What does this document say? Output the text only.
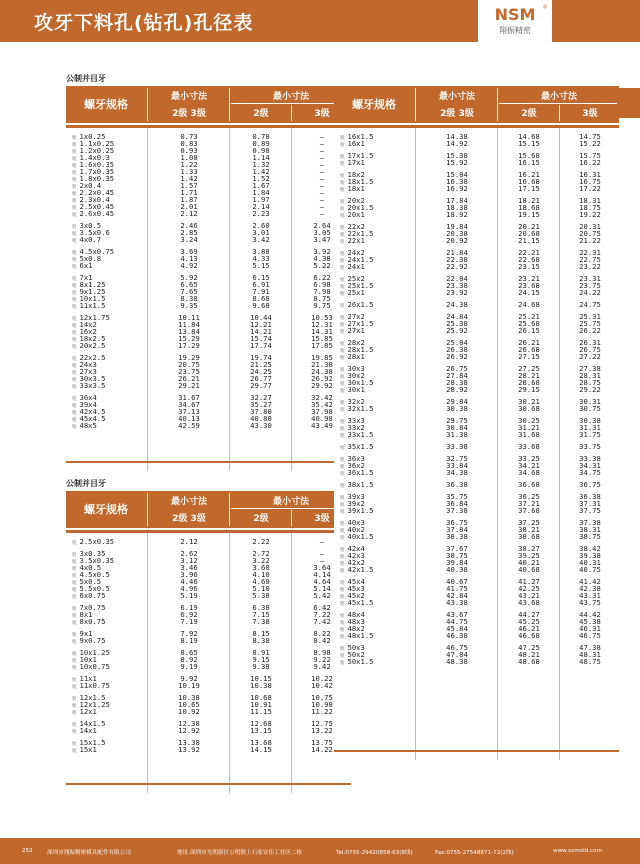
攻牙下料孔(钻孔)孔径表	NSM	®
翔振精密
公制并目牙
公制并目牙
螺牙规格
最小寸法
2级 3级
最小寸法
2级	3级
粗 1x0.25	0.73	0.78	–
粗 1.1x0.25	0.83	0.89	–
粗 1.2x0.25	0.93	0.98	–
粗 1.4x0.3	1.08	1.14	–
粗 1.6x0.35	1.22	1.32	–
粗 1.7x0.35	1.33	1.42	–
粗 1.8x0.35	1.42	1.52	–
粗 2x0.4	1.57	1.67	–
粗 2.2x0.45	1.71	1.84	–
粗 2.3x0.4	1.87	1.97	–
粗 2.5x0.45	2.01	2.14	–
粗 2.6x0.45	2.12	2.23	–
粗 3x0.5	2.46	2.60	2.64
粗 3.5x0.6	2.85	3.01	3.05
粗 4x0.7	3.24	3.42	3.47
粗 4.5x0.75	3.69	3.88	3.92
粗 5x0.8	4.13	4.33	4.38
粗 6x1	4.92	5.15	5.22
粗 7x1	5.92	6.15	6.22
粗 8x1.25	6.65	6.91	6.98
粗 9x1.25	7.65	7.91	7.98
粗 10x1.5	8.38	8.68	8.75
粗 11x1.5	9.35	9.68	9.75
粗 12x1.75	10.11	10.44	10.53
粗 14x2	11.84	12.21	12.31
粗 16x2	13.84	14.21	14.31
粗 18x2.5	15.29	15.74	15.85
粗 20x2.5	17.29	17.74	17.85
粗 22x2.5	19.29	19.74	19.85
粗 24x3	20.75	21.25	21.38
粗 27x3	23.75	24.25	24.38
粗 30x3.5	26.21	26.77	26.92
粗 33x3.5	29.21	29.77	29.92
粗 36x4	31.67	32.27	32.42
粗 39x4	34.67	35.27	35.42
粗 42x4.5	37.13	37.80	37.98
粗 45x4.5	40.13	40.80	40.98
粗 48x5	42.59	43.30	43.49
螺牙规格
最小寸法
2级 3级
最小寸法
2级	3级
粗 2.5x0.35	2.12	2.22	–
粗 3x0.35	2.62	2.72	–
粗 3.5x0.35	3.12	3.22	–
粗 4x0.5	3.46	3.60	3.64
粗 4.5x0.5	3.96	4.10	4.14
粗 5x0.5	4.46	4.60	4.64
粗 5.5x0.5	4.96	5.10	5.14
粗 6x0.75	5.19	5.38	5.42
粗 7x0.75	6.19	6.38	6.42
粗 8x1	6.92	7.15	7.22
粗 8x0.75	7.19	7.38	7.42
粗 9x1	7.92	8.15	8.22
粗 9x0.75	8.19	8.38	8.42
粗 10x1.25	8.65	8.91	8.98
粗 10x1	8.92	9.15	9.22
粗 10x0.75	9.19	9.38	9.42
粗 11x1	9.92	10.15	10.22
粗 11x0.75	10.19	10.38	10.42
粗 12x1.5	10.38	10.68	10.75
粗 12x1.25	10.65	10.91	10.98
粗 12x1	10.92	11.15	11.22
粗 14x1.5	12.38	12.68	12.75
粗 14x1	12.92	13.15	13.22
粗 15x1.5	13.38	13.68	13.75
粗 15x1	13.92	14.15	14.22
螺牙规格
最小寸法
2级 3级
最小寸法
2级	3级
粗 16x1.5	14.38	14.68	14.75
粗 16x1	14.92	15.15	15.22
粗 17x1.5	15.38	15.68	15.75
粗 17x1	15.92	16.15	16.22
粗 18x2	15.84	16.21	16.31
粗 18x1.5	16.38	16.68	16.75
粗 18x1	16.92	17.15	17.22
粗 20x2	17.84	18.21	18.31
粗 20x1.5	18.38	18.68	18.75
粗 20x1	18.92	19.15	19.22
粗 22x2	19.84	20.21	20.31
粗 22x1.5	20.38	20.68	20.75
粗 22x1	20.92	21.15	21.22
粗 24x2	21.84	22.21	22.31
粗 24x1.5	22.38	22.68	22.75
粗 24x1	22.92	23.15	23.22
粗 25x2	22.84	23.21	23.31
粗 25x1.5	23.38	23.68	23.75
粗 25x1	23.92	24.15	24.22
粗 26x1.5	24.38	24.68	24.75
粗 27x2	24.84	25.21	25.31
粗 27x1.5	25.38	25.68	25.75
粗 27x1	25.92	26.15	26.22
粗 28x2	25.84	26.21	26.31
粗 28x1.5	26.38	26.68	26.75
粗 28x1	26.92	27.15	27.22
粗 30x3	26.75	27.25	27.38
粗 30x2	27.84	28.21	28.31
粗 30x1.5	28.38	28.68	28.75
粗 30x1	28.92	29.15	29.22
粗 32x2	29.84	30.21	30.31
粗 32x1.5	30.38	30.68	30.75
粗 33x3	29.75	30.25	30.38
粗 33x2	30.84	31.21	31.31
粗 33x1.5	31.38	31.68	31.75
粗 35x1.5	33.38	33.68	33.75
粗 36x3	32.75	33.25	33.38
粗 36x2	33.84	34.21	34.31
粗 36x1.5	34.38	34.68	34.75
粗 38x1.5	36.38	36.68	36.75
粗 39x3	35.75	36.25	36.38
粗 39x2	36.84	37.21	37.31
粗 39x1.5	37.38	37.68	37.75
粗 40x3	36.75	37.25	37.38
粗 40x2	37.84	38.21	38.31
粗 40x1.5	38.38	38.68	38.75
粗 42x4	37.67	38.27	38.42
粗 42x3	38.75	39.25	39.38
粗 42x2	39.84	40.21	40.31
粗 42x1.5	40.38	40.68	40.75
粗 45x4	40.67	41.27	41.42
粗 45x3	41.75	42.25	42.38
粗 45x2	42.84	43.21	43.31
粗 45x1.5	43.38	43.68	43.75
粗 48x4	43.67	44.27	44.42
粗 48x3	44.75	45.25	45.38
粗 48x2	45.84	46.21	46.31
粗 48x1.5	46.38	46.68	46.75
粗 50x3	46.75	47.25	47.38
粗 50x2	47.84	48.21	48.31
粗 50x1.5	48.38	48.68	48.75
252	深圳市翔振精密模具配件有限公司	地址:深圳市光明新区公明镇上石家安佳工业区二栋	Tel:0755-29420858-63(8线)	Fax:0755-27548871-72(2线)	www.xzmold.com
